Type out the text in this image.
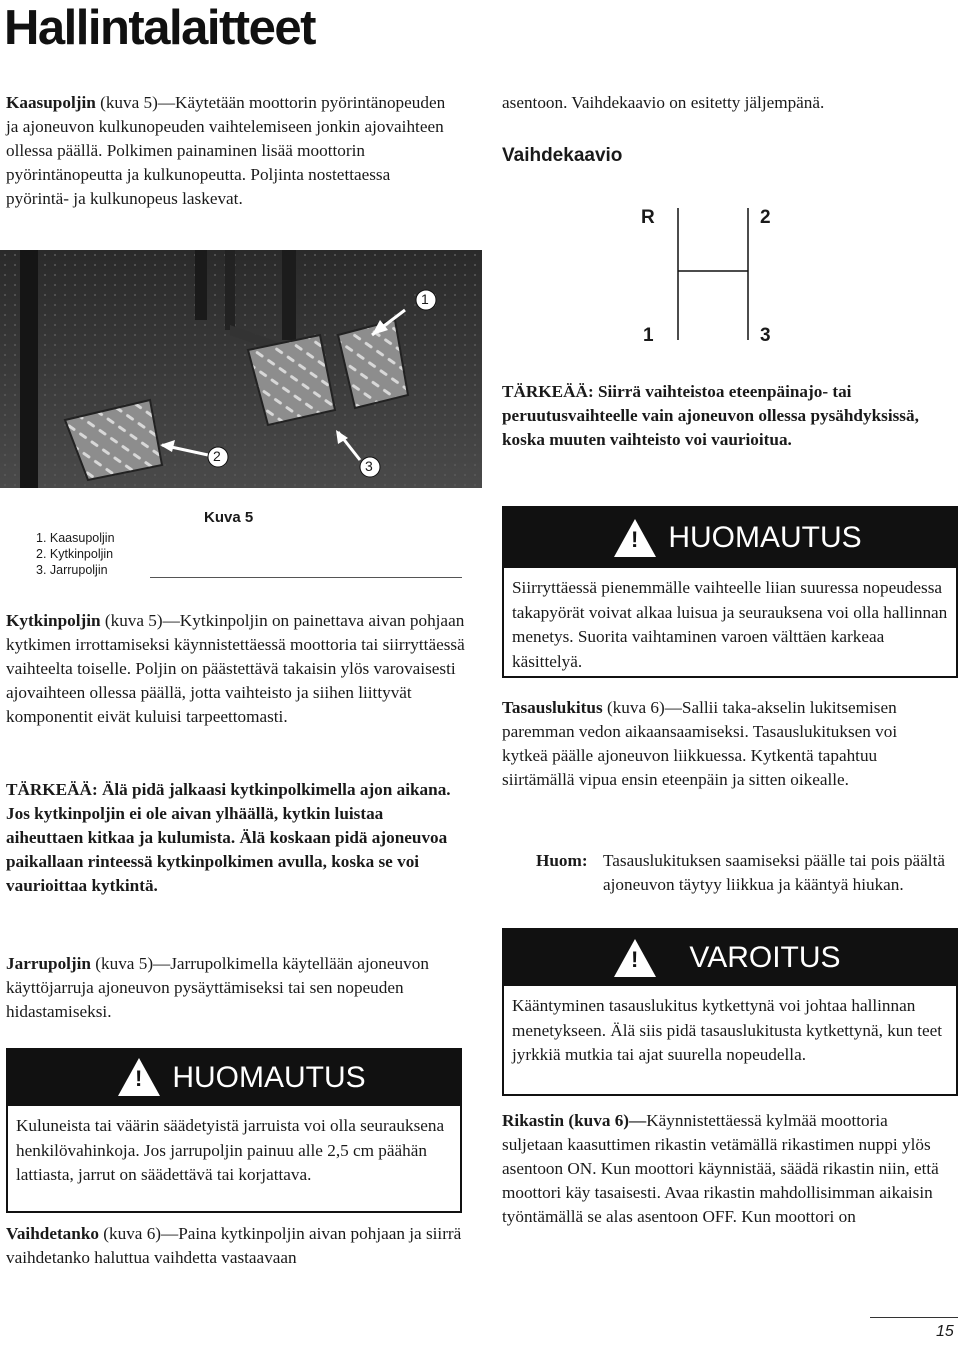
Hallintalaitteet

Kaasupoljin (kuva 5)—Käytetään moottorin pyörintänopeuden ja ajoneuvon kulkunopeuden vaihtelemiseen jonkin ajovaihteen ollessa päällä. Polkimen painaminen lisää moottorin pyörintänopeutta ja kulkunopeutta. Poljinta nostettaessa pyörintä- ja kulkunopeus laskevat.

1
2
3
Kuva 5
1. Kaasupoljin
2. Kytkinpoljin
3. Jarrupoljin

Kytkinpoljin (kuva 5)—Kytkinpoljin on painettava aivan pohjaan kytkimen irrottamiseksi käynnistettäessä moottoria tai siirryttäessä vaihteelta toiselle. Poljin on päästettävä takaisin ylös varovaisesti ajovaihteen ollessa päällä, jotta vaihteisto ja siihen liittyvät komponentit eivät kuluisi tarpeettomasti.

TÄRKEÄÄ: Älä pidä jalkaasi kytkinpolkimella ajon aikana. Jos kytkinpoljin ei ole aivan ylhäällä, kytkin luistaa aiheuttaen kitkaa ja kulumista. Älä koskaan pidä ajoneuvoa paikallaan rinteessä kytkinpolkimen avulla, koska se voi vaurioittaa kytkintä.

Jarrupoljin (kuva 5)—Jarrupolkimella käytellään ajoneuvon käyttöjarruja ajoneuvon pysäyttämiseksi tai sen nopeuden hidastamiseksi.

! HUOMAUTUS
Kuluneista tai väärin säädetyistä jarruista voi olla seurauksena henkilövahinkoja. Jos jarrupoljin painuu alle 2,5 cm päähän lattiasta, jarrut on säädettävä tai korjattava.

Vaihdetanko (kuva 6)—Paina kytkinpoljin aivan pohjaan ja siirrä vaihdetanko haluttua vaihdetta vastaavaan

asentoon. Vaihdekaavio on esitetty jäljempänä.

Vaihdekaavio
R	2
1	3

TÄRKEÄÄ: Siirrä vaihteistoa eteenpäinajo- tai peruutusvaihteelle vain ajoneuvon ollessa pysähdyksissä, koska muuten vaihteisto voi vaurioitua.

! HUOMAUTUS
Siirryttäessä pienemmälle vaihteelle liian suuressa nopeudessa takapyörät voivat alkaa luisua ja seurauksena voi olla hallinnan menetys. Suorita vaihtaminen varoen välttäen karkeaa käsittelyä.

Tasauslukitus (kuva 6)—Sallii taka-akselin lukitsemisen paremman vedon aikaansaamiseksi. Tasauslukituksen voi kytkeä päälle ajoneuvon liikkuessa. Kytkentä tapahtuu siirtämällä vipua ensin eteenpäin ja sitten oikealle.

Huom: Tasauslukituksen saamiseksi päälle tai pois päältä ajoneuvon täytyy liikkua ja kääntyä hiukan.

! VAROITUS
Kääntyminen tasauslukitus kytkettynä voi johtaa hallinnan menetykseen. Älä siis pidä tasauslukitusta kytkettynä, kun teet jyrkkiä mutkia tai ajat suurella nopeudella.

Rikastin (kuva 6)—Käynnistettäessä kylmää moottoria suljetaan kaasuttimen rikastin vetämällä rikastimen nuppi ylös asentoon ON. Kun moottori käynnistää, säädä rikastin niin, että moottori käy tasaisesti. Avaa rikastin mahdollisimman aikaisin työntämällä se alas asentoon OFF. Kun moottori on

15
